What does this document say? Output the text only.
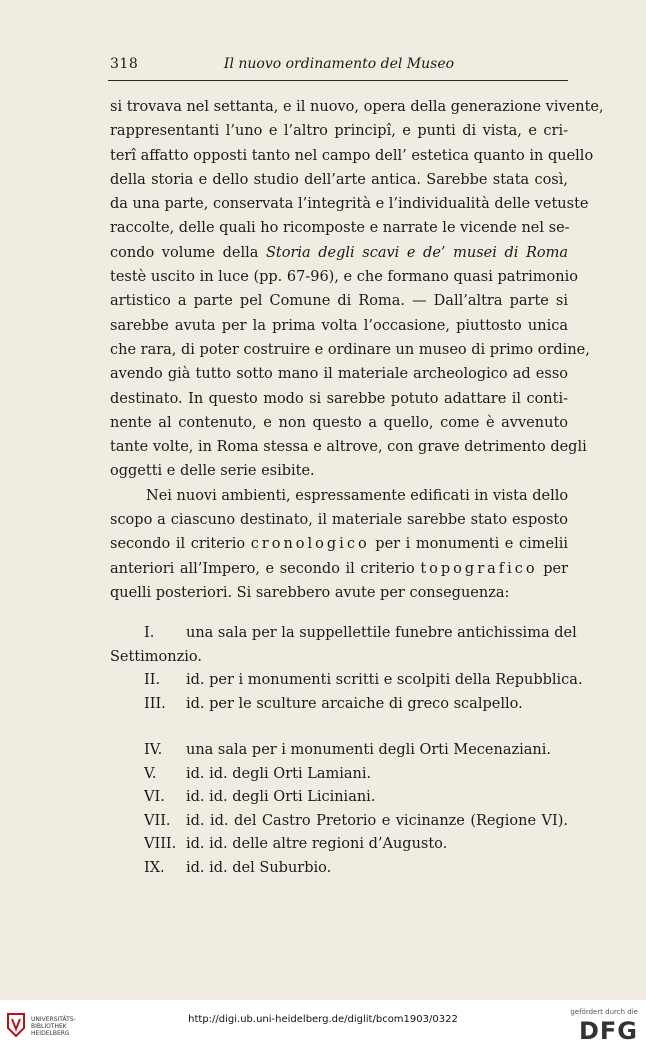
318	Il nuovo ordinamento del Museo
si trovava nel settanta, e il nuovo, opera della generazione vivente,
rappresentanti l’uno e l’altro principî, e punti di vista, e cri-
terî affatto opposti tanto nel campo dell’ estetica quanto in quello
della storia e dello studio dell’arte antica. Sarebbe stata così,
da una parte, conservata l’integrità e l’individualità delle vetuste
raccolte, delle quali ho ricomposte e narrate le vicende nel se-
condo volume della Storia degli scavi e de’ musei di Roma
testè uscito in luce (pp. 67-96), e che formano quasi patrimonio
artistico a parte pel Comune di Roma. — Dall’altra parte si
sarebbe avuta per la prima volta l’occasione, piuttosto unica
che rara, di poter costruire e ordinare un museo di primo ordine,
avendo già tutto sotto mano il materiale archeologico ad esso
destinato. In questo modo si sarebbe potuto adattare il conti-
nente al contenuto, e non questo a quello, come è avvenuto
tante volte, in Roma stessa e altrove, con grave detrimento degli
oggetti e delle serie esibite.
Nei nuovi ambienti, espressamente edificati in vista dello
scopo a ciascuno destinato, il materiale sarebbe stato esposto
secondo il criterio cronologico per i monumenti e cimelii
anteriori all’Impero, e secondo il criterio topografico per
quelli posteriori. Si sarebbero avute per conseguenza:
I. una sala per la suppellettile funebre antichissima del
Settimonzio.
II. id. per i monumenti scritti e scolpiti della Repubblica.
III. id. per le sculture arcaiche di greco scalpello.
IV. una sala per i monumenti degli Orti Mecenaziani.
V. id. id. degli Orti Lamiani.
VI. id. id. degli Orti Liciniani.
VII. id. id. del Castro Pretorio e vicinanze (Regione VI).
VIII. id. id. delle altre regioni d’Augusto.
IX. id. id. del Suburbio.
UNIVERSITÄTS-
BIBLIOTHEK
HEIDELBERG
http://digi.ub.uni-heidelberg.de/diglit/bcom1903/0322
gefördert durch die
DFG
